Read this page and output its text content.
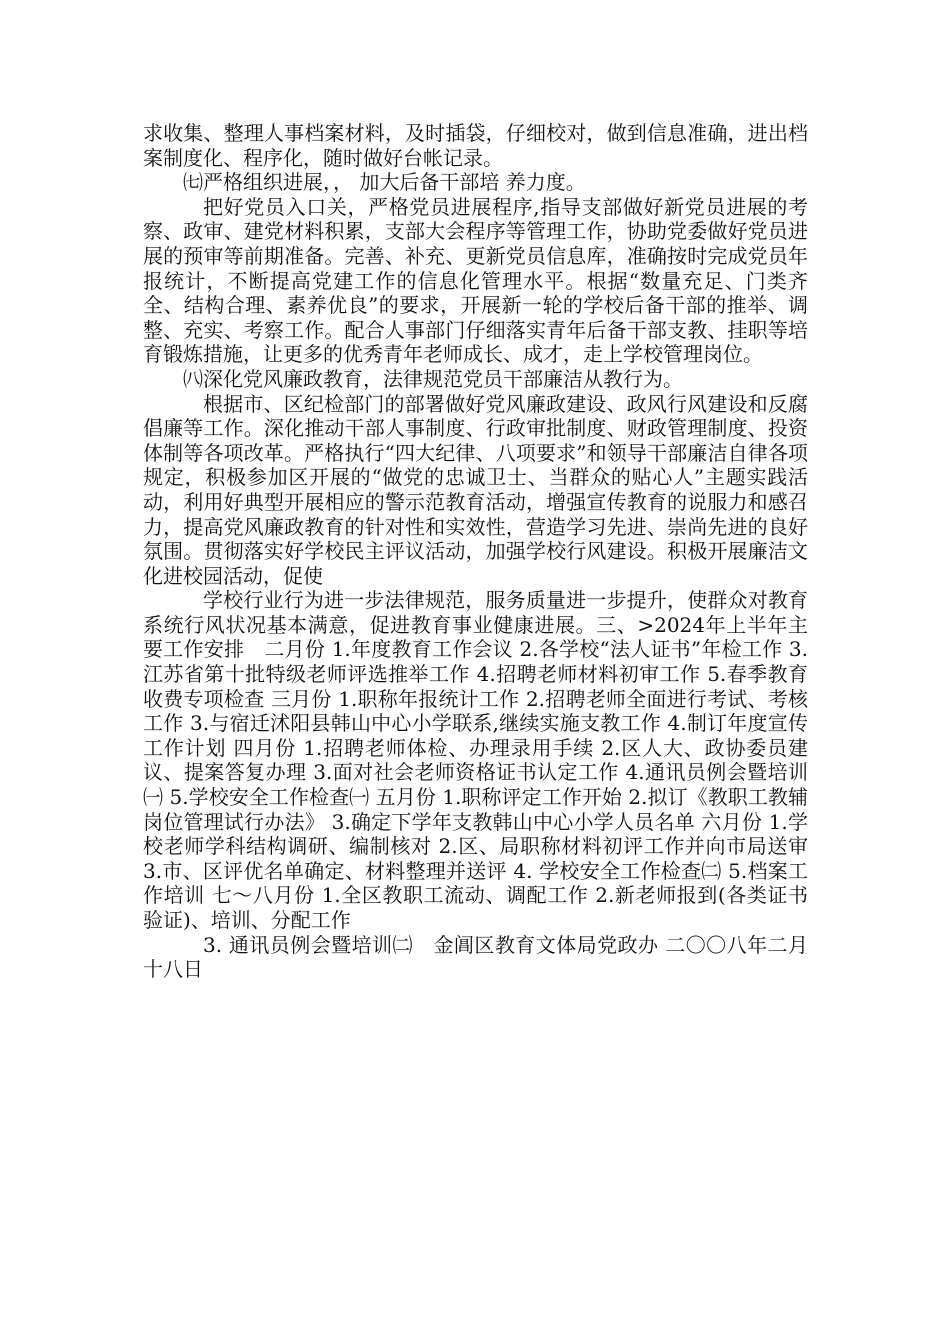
求收集、整理人事档案材料，及时插袋，仔细校对，做到信息准确，进出档案制度化、程序化，随时做好台帐记录。

㈦严格组织进展，， 加大后备干部培 养力度。

把好党员入口关，严格党员进展程序,指导支部做好新党员进展的考察、政审、建党材料积累，支部大会程序等管理工作，协助党委做好党员进展的预审等前期准备。完善、补充、更新党员信息库，准确按时完成党员年报统计，不断提高党建工作的信息化管理水平。根据“数量充足、门类齐全、结构合理、素养优良”的要求，开展新一轮的学校后备干部的推举、调整、充实、考察工作。配合人事部门仔细落实青年后备干部支教、挂职等培育锻炼措施，让更多的优秀青年老师成长、成才，走上学校管理岗位。

㈧深化党风廉政教育，法律规范党员干部廉洁从教行为。

根据市、区纪检部门的部署做好党风廉政建设、政风行风建设和反腐倡廉等工作。深化推动干部人事制度、行政审批制度、财政管理制度、投资体制等各项改革。严格执行“四大纪律、八项要求”和领导干部廉洁自律各项规定，积极参加区开展的“做党的忠诚卫士、当群众的贴心人”主题实践活动，利用好典型开展相应的警示范教育活动，增强宣传教育的说服力和感召力，提高党风廉政教育的针对性和实效性，营造学习先进、崇尚先进的良好氛围。贯彻落实好学校民主评议活动，加强学校行风建设。积极开展廉洁文化进校园活动，促使

学校行业行为进一步法律规范，服务质量进一步提升，使群众对教育系统行风状况基本满意，促进教育事业健康进展。三、>2024年上半年主要工作安排　二月份 1.年度教育工作会议 2.各学校“法人证书”年检工作 3.江苏省第十批特级老师评选推举工作 4.招聘老师材料初审工作 5.春季教育收费专项检查 三月份 1.职称年报统计工作 2.招聘老师全面进行考试、考核工作 3.与宿迁沭阳县韩山中心小学联系,继续实施支教工作 4.制订年度宣传工作计划 四月份 1.招聘老师体检、办理录用手续 2.区人大、政协委员建议、提案答复办理 3.面对社会老师资格证书认定工作 4.通讯员例会暨培训㈠ 5.学校安全工作检查㈠ 五月份 1.职称评定工作开始 2.拟订《教职工教辅岗位管理试行办法》 3.确定下学年支教韩山中心小学人员名单 六月份 1.学校老师学科结构调研、编制核对 2.区、局职称材料初评工作并向市局送审 3.市、区评优名单确定、材料整理并送评 4. 学校安全工作检查㈡ 5.档案工作培训 七～八月份 1.全区教职工流动、调配工作 2.新老师报到(各类证书验证)、培训、分配工作

3. 通讯员例会暨培训㈡　金阊区教育文体局党政办 二〇〇八年二月十八日
